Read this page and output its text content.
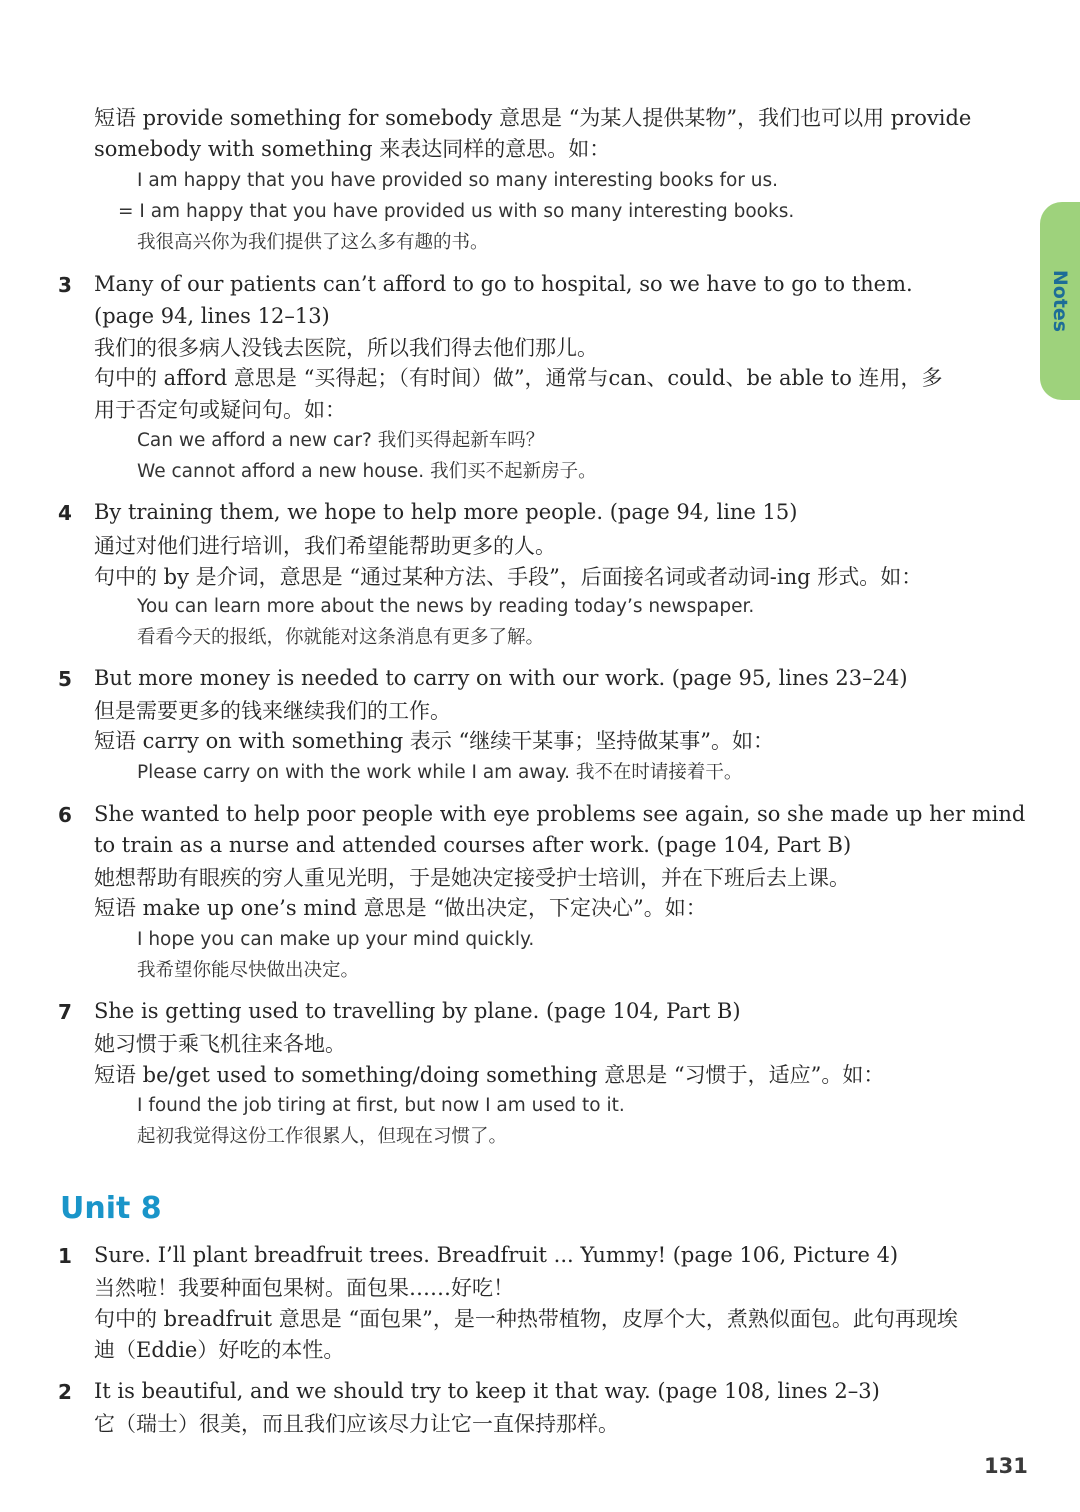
短语 provide something for somebody 意思是 “为某人提供某物”，我们也可以用 provide
somebody with something 来表达同样的意思。如：
I am happy that you have provided so many interesting books for us.
= I am happy that you have provided us with so many interesting books.
我很高兴你为我们提供了这么多有趣的书。
3 Many of our patients can’t afford to go to hospital, so we have to go to them.
(page 94, lines 12–13)
我们的很多病人没钱去医院，所以我们得去他们那儿。
句中的 afford 意思是 “买得起；（有时间）做”，通常与can、could、be able to 连用，多
用于否定句或疑问句。如：
Can we afford a new car? 我们买得起新车吗？
We cannot afford a new house. 我们买不起新房子。
4 By training them, we hope to help more people. (page 94, line 15)
通过对他们进行培训，我们希望能帮助更多的人。
句中的 by 是介词，意思是 “通过某种方法、手段”，后面接名词或者动词-ing 形式。如：
You can learn more about the news by reading today’s newspaper.
看看今天的报纸，你就能对这条消息有更多了解。
5 But more money is needed to carry on with our work. (page 95, lines 23–24)
但是需要更多的钱来继续我们的工作。
短语 carry on with something 表示 “继续干某事；坚持做某事”。如：
Please carry on with the work while I am away. 我不在时请接着干。
6 She wanted to help poor people with eye problems see again, so she made up her mind
to train as a nurse and attended courses after work. (page 104, Part B)
她想帮助有眼疾的穷人重见光明，于是她决定接受护士培训，并在下班后去上课。
短语 make up one’s mind 意思是 “做出决定，下定决心”。如：
I hope you can make up your mind quickly.
我希望你能尽快做出决定。
7 She is getting used to travelling by plane. (page 104, Part B)
她习惯于乘飞机往来各地。
短语 be/get used to something/doing something 意思是 “习惯于，适应”。如：
I found the job tiring at first, but now I am used to it.
起初我觉得这份工作很累人，但现在习惯了。
Unit 8
1 Sure. I’ll plant breadfruit trees. Breadfruit ... Yummy! (page 106, Picture 4)
当然啦！我要种面包果树。面包果……好吃！
句中的 breadfruit 意思是 “面包果”，是一种热带植物，皮厚个大，煮熟似面包。此句再现埃
迪（Eddie）好吃的本性。
2 It is beautiful, and we should try to keep it that way. (page 108, lines 2–3)
它（瑞士）很美，而且我们应该尽力让它一直保持那样。
131
Notes
